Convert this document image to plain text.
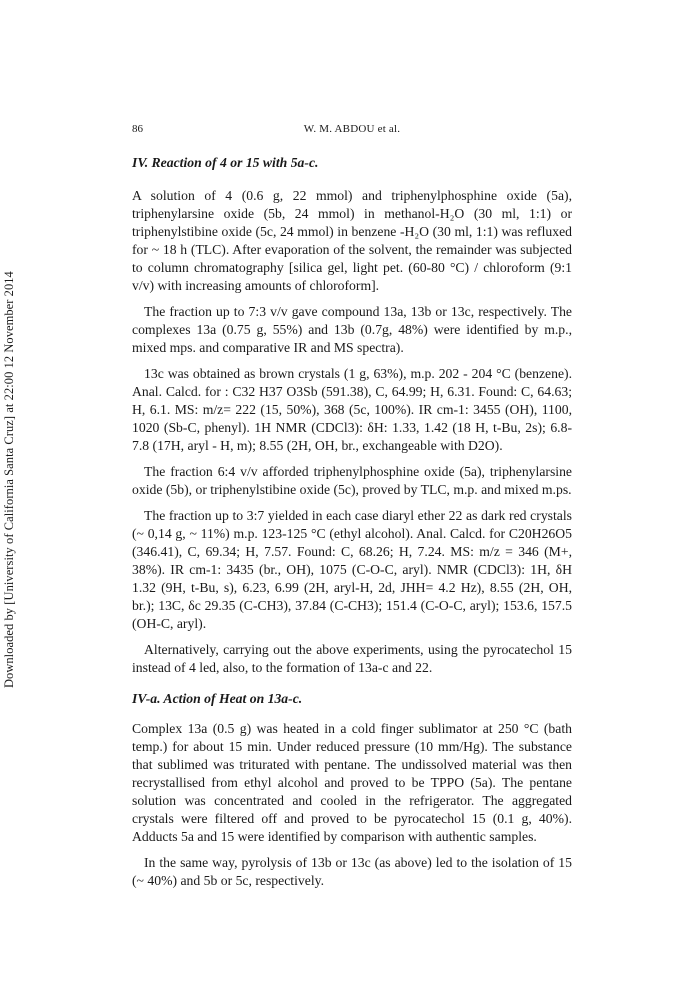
Downloaded by [University of California Santa Cruz] at 22:00 12 November 2014
86	W. M. ABDOU et al.
IV. Reaction of 4 or 15 with 5a-c.

A solution of 4 (0.6 g, 22 mmol) and triphenylphosphine oxide (5a), triphenylarsine oxide (5b, 24 mmol) in methanol-H₂O (30 ml, 1:1) or triphenylstibine oxide (5c, 24 mmol) in benzene -H₂O (30 ml, 1:1) was refluxed for ~ 18 h (TLC). After evaporation of the solvent, the remainder was subjected to column chromatography [silica gel, light pet. (60-80 °C) / chloroform (9:1 v/v) with increasing amounts of chloroform].

The fraction up to 7:3 v/v gave compound 13a, 13b or 13c, respectively. The complexes 13a (0.75 g, 55%) and 13b (0.7g, 48%) were identified by m.p., mixed mps. and comparative IR and MS spectra).

13c was obtained as brown crystals (1 g, 63%), m.p. 202 - 204 °C (benzene). Anal. Calcd. for : C32 H37 O3Sb (591.38), C, 64.99; H, 6.31. Found: C, 64.63; H, 6.1. MS: m/z= 222 (15, 50%), 368 (5c, 100%). IR cm-1: 3455 (OH), 1100, 1020 (Sb-C, phenyl). 1H NMR (CDCl3): δH: 1.33, 1.42 (18 H, t-Bu, 2s); 6.8-7.8 (17H, aryl - H, m); 8.55 (2H, OH, br., exchangeable with D2O).

The fraction 6:4 v/v afforded triphenylphosphine oxide (5a), triphenylarsine oxide (5b), or triphenylstibine oxide (5c), proved by TLC, m.p. and mixed m.ps.

The fraction up to 3:7 yielded in each case diaryl ether 22 as dark red crystals (~ 0,14 g, ~ 11%) m.p. 123-125 °C (ethyl alcohol). Anal. Calcd. for C20H26O5 (346.41), C, 69.34; H, 7.57. Found: C, 68.26; H, 7.24. MS: m/z = 346 (M+, 38%). IR cm-1: 3435 (br., OH), 1075 (C-O-C, aryl). NMR (CDCl3): 1H, δH 1.32 (9H, t-Bu, s), 6.23, 6.99 (2H, aryl-H, 2d, JHH= 4.2 Hz), 8.55 (2H, OH, br.); 13C, δc 29.35 (C-CH3), 37.84 (C-CH3); 151.4 (C-O-C, aryl); 153.6, 157.5 (OH-C, aryl).

Alternatively, carrying out the above experiments, using the pyrocatechol 15 instead of 4 led, also, to the formation of 13a-c and 22.

IV-a. Action of Heat on 13a-c.

Complex 13a (0.5 g) was heated in a cold finger sublimator at 250 °C (bath temp.) for about 15 min. Under reduced pressure (10 mm/Hg). The substance that sublimed was triturated with pentane. The undissolved material was then recrystallised from ethyl alcohol and proved to be TPPO (5a). The pentane solution was concentrated and cooled in the refrigerator. The aggregated crystals were filtered off and proved to be pyrocatechol 15 (0.1 g, 40%). Adducts 5a and 15 were identified by comparison with authentic samples.

In the same way, pyrolysis of 13b or 13c (as above) led to the isolation of 15 (~ 40%) and 5b or 5c, respectively.
